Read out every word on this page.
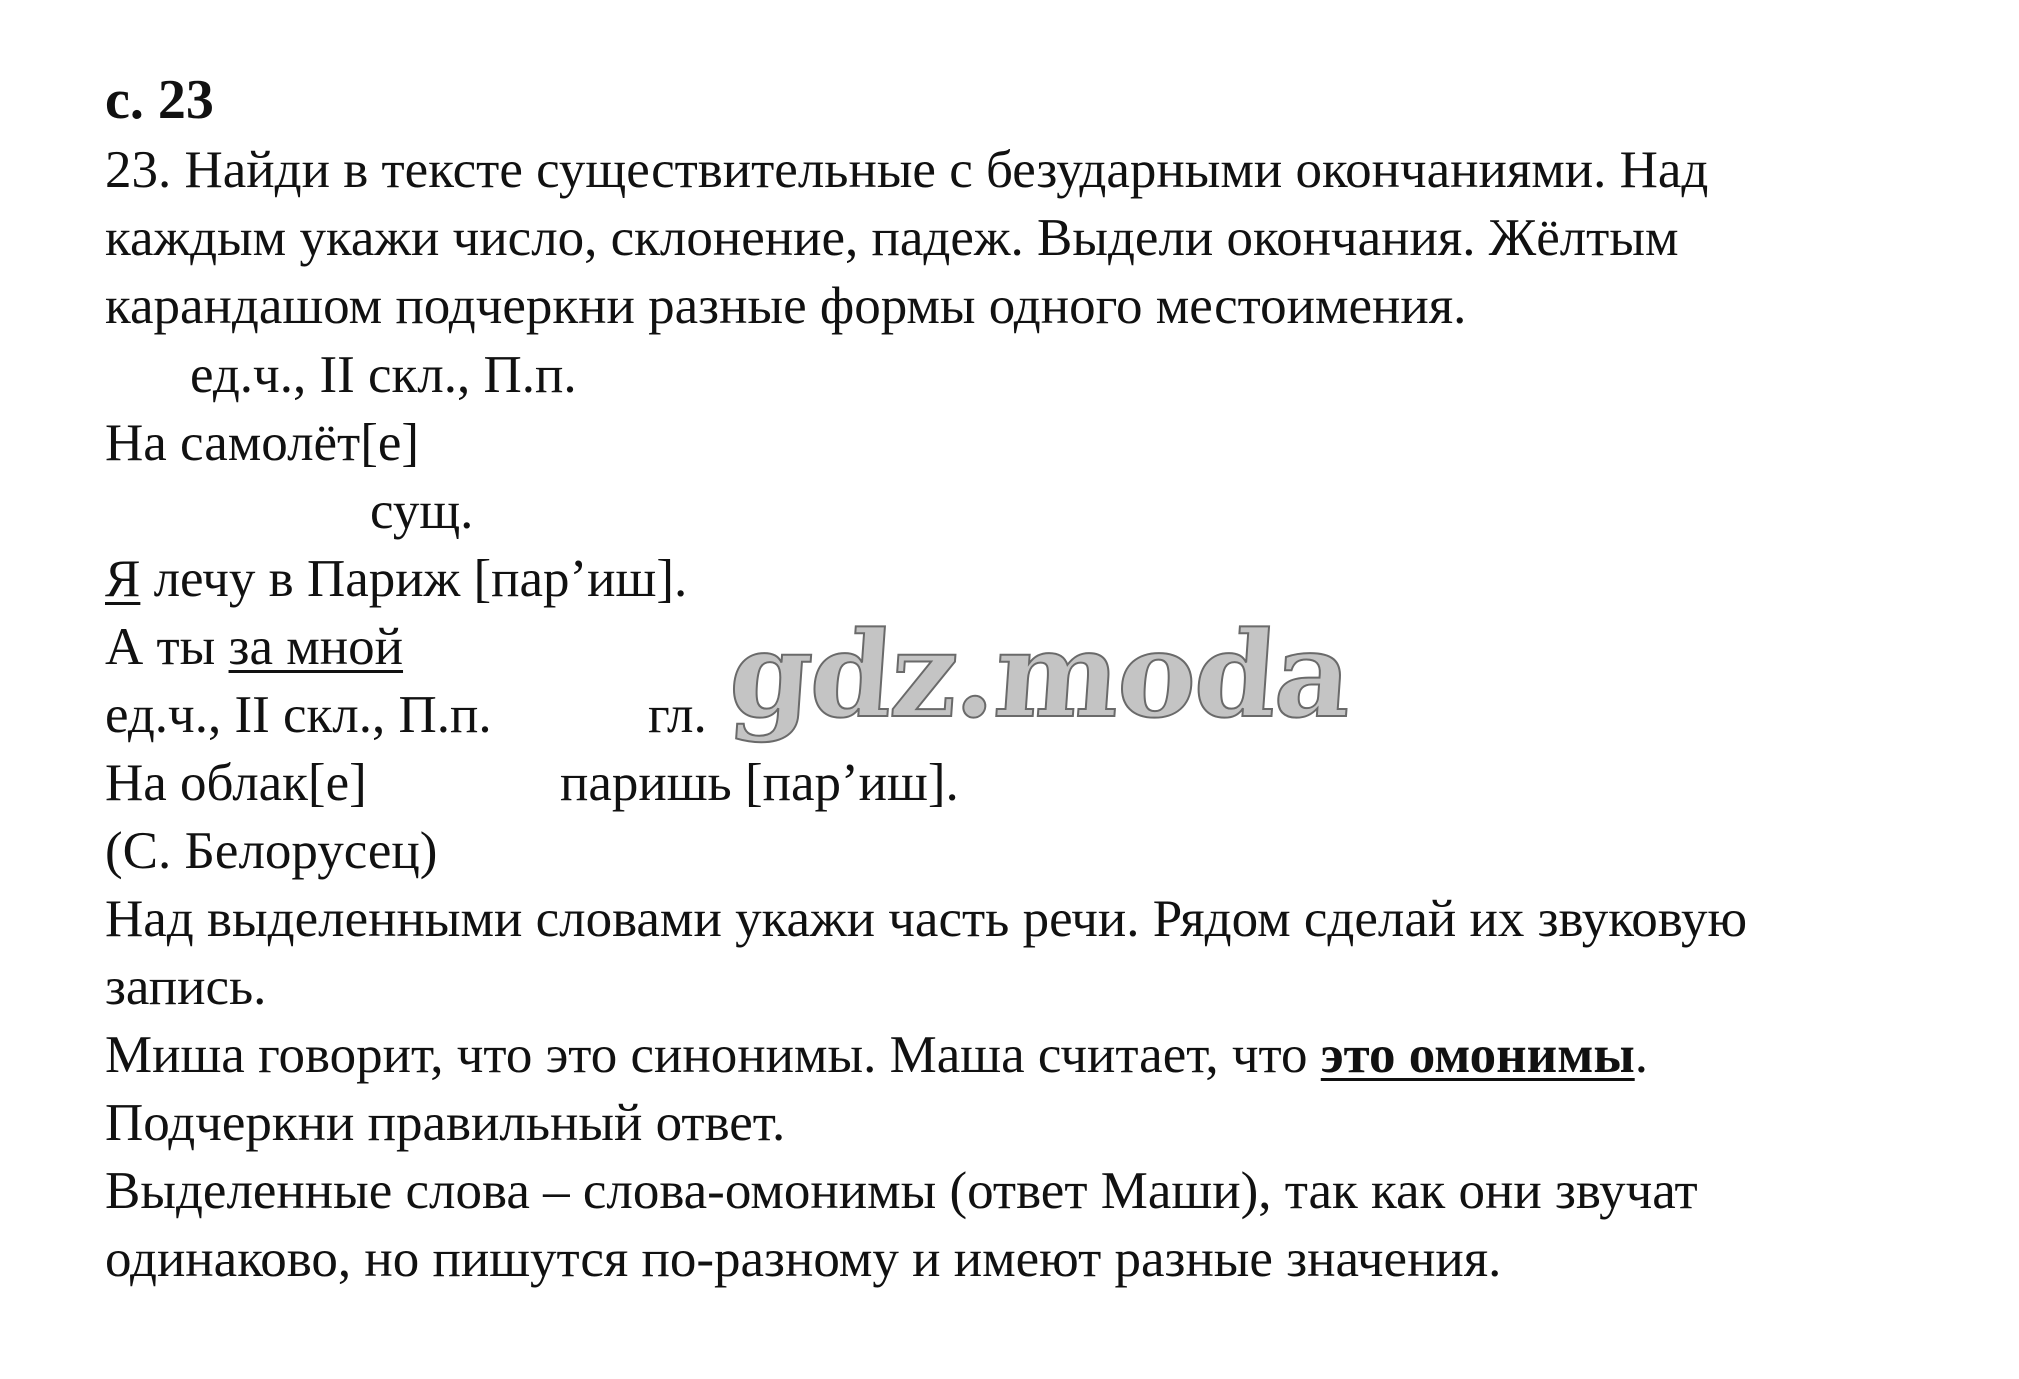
с. 23
23. Найди в тексте существительные с безударными окончаниями. Над
каждым укажи число, склонение, падеж. Выдели окончания. Жёлтым
карандашом подчеркни разные формы одного местоимения.
ед.ч., II скл., П.п.
На самолёт[е]
сущ.
Я лечу в Париж [пар’иш].
А ты за мной
ед.ч., II скл., П.п.	гл.
На облак[е]	паришь [пар’иш].
(С. Белорусец)
Над выделенными словами укажи часть речи. Рядом сделай их звуковую
запись.
Миша говорит, что это синонимы. Маша считает, что это омонимы.
Подчеркни правильный ответ.
Выделенные слова – слова-омонимы (ответ Маши), так как они звучат
одинаково, но пишутся по-разному и имеют разные значения.
gdz.moda
